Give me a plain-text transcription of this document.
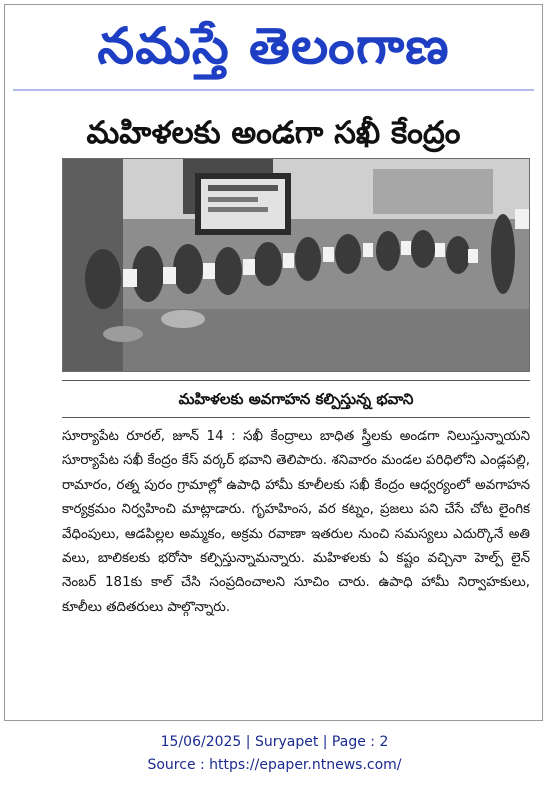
నమస్తే తెలంగాణ
మహిళలకు అండగా సఖీ కేంద్రం
మహిళలకు అవగాహన కల్పిస్తున్న భవాని
సూర్యాపేట రూరల్, జూన్ 14 : సఖీ కేంద్రాలు బాధిత స్త్రీలకు అండగా నిలుస్తున్నాయని సూర్యాపేట సఖీ కేంద్రం కేస్ వర్కర్ భవాని తెలిపారు. శనివారం మండల పరిధిలోని ఎండ్లపల్లి, రామారం, రత్న పురం గ్రామాల్లో ఉపాధి హామీ కూలీలకు సఖీ కేంద్రం ఆధ్వర్యంలో అవగాహన కార్యక్రమం నిర్వహించి మాట్లాడారు. గృహహింస, వర కట్నం, ప్రజలు పని చేసే చోట లైంగిక వేధింపులు, ఆడపిల్లల అమ్మకం, అక్రమ రవాణా ఇతరుల నుంచి సమస్యలు ఎదుర్కొనే అతి వలు, బాలికలకు భరోసా కల్పిస్తున్నామన్నారు. మహిళలకు ఏ కష్టం వచ్చినా హెల్ప్ లైన్ నెంబర్ 181కు కాల్ చేసి సంప్రదించాలని సూచిం చారు. ఉపాధి హామీ నిర్వాహకులు, కూలీలు తదితరులు పాల్గొన్నారు.
15/06/2025 | Suryapet | Page : 2
Source : https://epaper.ntnews.com/
